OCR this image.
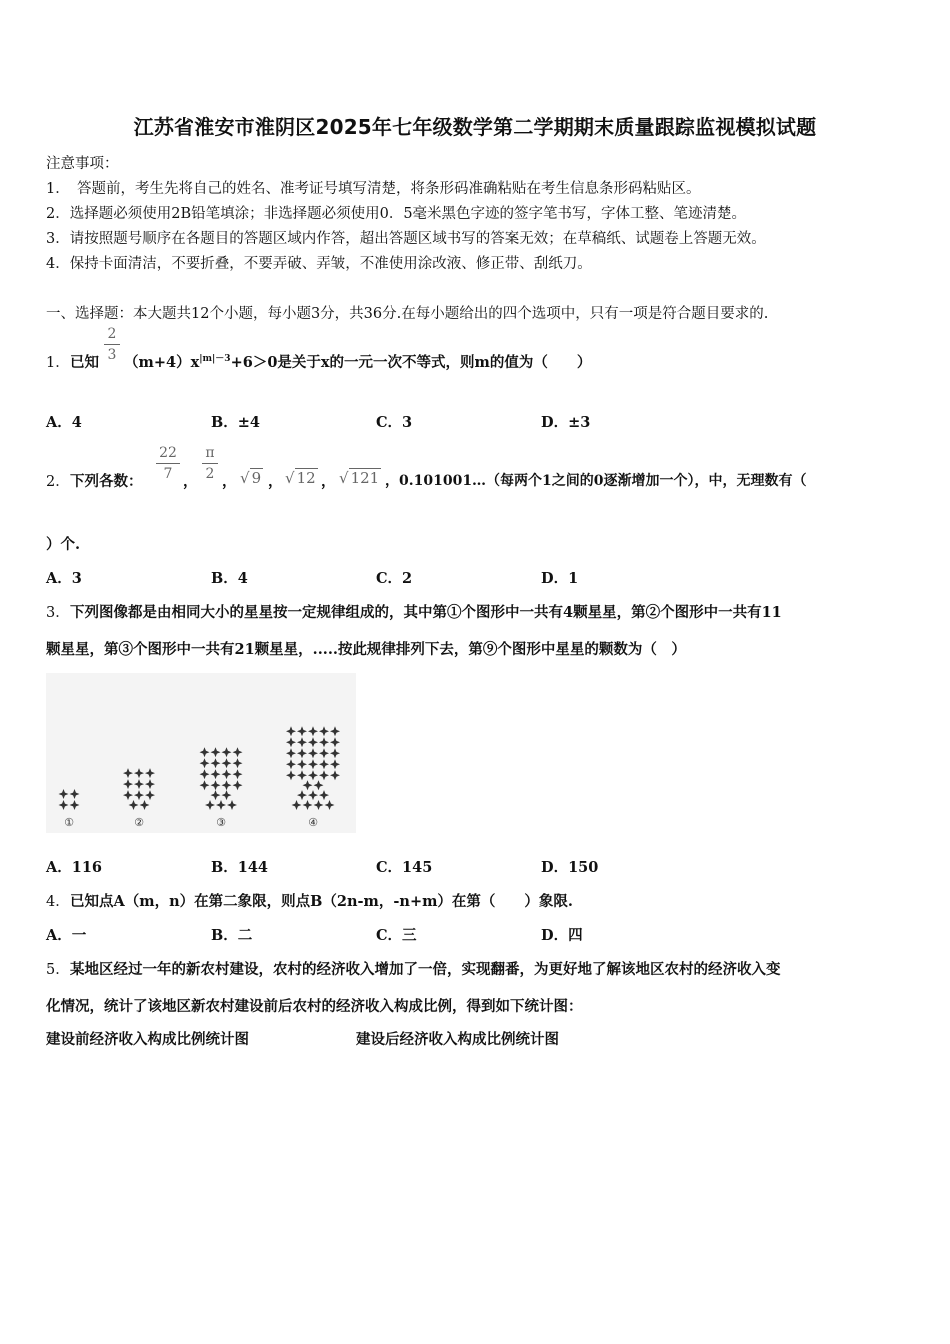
江苏省淮安市淮阴区2025年七年级数学第二学期期末质量跟踪监视模拟试题
注意事项：
1．　答题前，考生先将自己的姓名、准考证号填写清楚，将条形码准确粘贴在考生信息条形码粘贴区。
2．选择题必须使用2B铅笔填涂；非选择题必须使用0．5毫米黑色字迹的签字笔书写，字体工整、笔迹清楚。
3．请按照题号顺序在各题目的答题区域内作答，超出答题区域书写的答案无效；在草稿纸、试题卷上答题无效。
4．保持卡面清洁，不要折叠，不要弄破、弄皱，不准使用涂改液、修正带、刮纸刀。
一、选择题：本大题共12个小题，每小题3分，共36分.在每小题给出的四个选项中，只有一项是符合题目要求的.
1． 已知
2
3 $(m+4)x^{|m|-3}+6>0$是关于x的一元一次不等式，则m的值为（　　）
A．4	B．±4	C．3	D．±3
2． 下列各数：
22
7 ，
π
2 ， √ 9 ， √ 12 ， √ 121 ，0.101001…（每两个1之间的0逐渐增加一个），中，无理数有（
）个.
A．3	B．4	C．2	D．1
3． 下列图像都是由相同大小的星星按一定规律组成的，其中第①个图形中一共有4颗星星，第②个图形中一共有11
颗星星，第③个图形中一共有21颗星星，.....按此规律排列下去，第⑨个图形中星星的颗数为（　）
①	②	③	④
A．116	B．144	C．145	D．150
4． 已知点A（m，n）在第二象限，则点B（2n-m，-n+m）在第（　　）象限.
A．一	B．二	C．三	D．四
5． 某地区经过一年的新农村建设，农村的经济收入增加了一倍，实现翻番，为更好地了解该地区农村的经济收入变
化情况，统计了该地区新农村建设前后农村的经济收入构成比例，得到如下统计图：
建设前经济收入构成比例统计图	建设后经济收入构成比例统计图
